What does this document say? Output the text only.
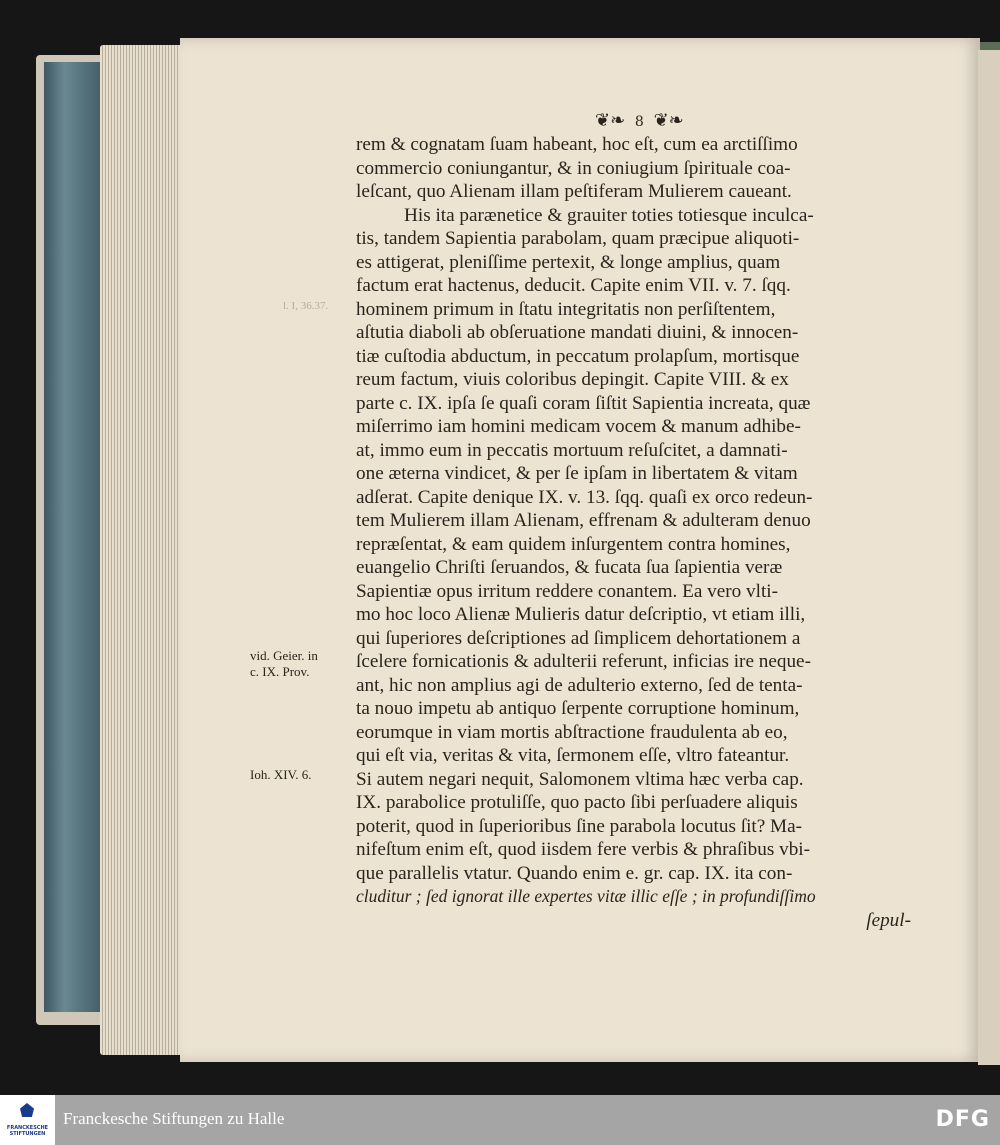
❦❧ 8 ❦❧
l. I, 36.37.
vid. Geier. in
c. IX. Prov.
Ioh. XIV. 6.
rem & cognatam ſuam habeant, hoc eſt, cum ea arctiſſimo
commercio coniungantur, & in coniugium ſpirituale coa-
leſcant, quo Alienam illam peſtiferam Mulierem caueant.
His ita parænetice & grauiter toties totiesque inculca-
tis, tandem Sapientia parabolam, quam præcipue aliquoti-
es attigerat, pleniſſime pertexit, & longe amplius, quam
factum erat hactenus, deducit. Capite enim VII. v. 7. ſqq.
hominem primum in ſtatu integritatis non perſiſtentem,
aſtutia diaboli ab obſeruatione mandati diuini, & innocen-
tiæ cuſtodia abductum, in peccatum prolapſum, mortisque
reum factum, viuis coloribus depingit. Capite VIII. & ex
parte c. IX. ipſa ſe quaſi coram ſiſtit Sapientia increata, quæ
miſerrimo iam homini medicam vocem & manum adhibe-
at, immo eum in peccatis mortuum reſuſcitet, a damnati-
one æterna vindicet, & per ſe ipſam in libertatem & vitam
adſerat. Capite denique IX. v. 13. ſqq. quaſi ex orco redeun-
tem Mulierem illam Alienam, effrenam & adulteram denuo
repræſentat, & eam quidem inſurgentem contra homines,
euangelio Chriſti ſeruandos, & fucata ſua ſapientia veræ
Sapientiæ opus irritum reddere conantem. Ea vero vlti-
mo hoc loco Alienæ Mulieris datur deſcriptio, vt etiam illi,
qui ſuperiores deſcriptiones ad ſimplicem dehortationem a
ſcelere fornicationis & adulterii referunt, inficias ire neque-
ant, hic non amplius agi de adulterio externo, ſed de tenta-
ta nouo impetu ab antiquo ſerpente corruptione hominum,
eorumque in viam mortis abſtractione fraudulenta ab eo,
qui eſt via, veritas & vita, ſermonem eſſe, vltro fateantur.
Si autem negari nequit, Salomonem vltima hæc verba cap.
IX. parabolice protuliſſe, quo pacto ſibi perſuadere aliquis
poterit, quod in ſuperioribus ſine parabola locutus ſit? Ma-
nifeſtum enim eſt, quod iisdem fere verbis & phraſibus vbi-
que parallelis vtatur. Quando enim e. gr. cap. IX. ita con-
cluditur ; ſed ignorat ille expertes vitæ illic eſſe ; in profundiſſimo
ſepul-
FRANCKESCHE STIFTUNGEN
Franckesche Stiftungen zu Halle	DFG
